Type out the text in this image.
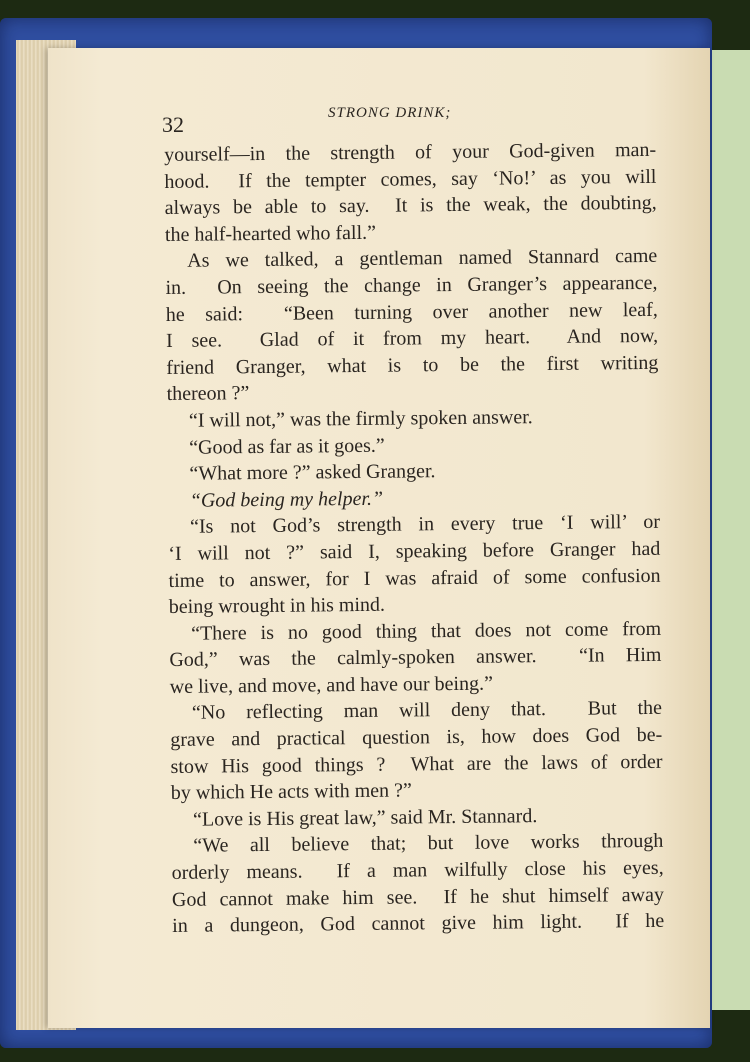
32	STRONG DRINK;
yourself—in the strength of your God-given man-
hood.  If the tempter comes, say ‘No!’ as you will
always be able to say.  It is the weak, the doubting,
the half-hearted who fall.”
As we talked, a gentleman named Stannard came
in.  On seeing the change in Granger’s appearance,
he said:  “Been turning over another new leaf,
I see.  Glad of it from my heart.  And now,
friend Granger, what is to be the first writing
thereon ?”
“I will not,” was the firmly spoken answer.
“Good as far as it goes.”
“What more ?” asked Granger.
“God being my helper.”
“Is not God’s strength in every true ‘I will’ or
‘I will not ?” said I, speaking before Granger had
time to answer, for I was afraid of some confusion
being wrought in his mind.
“There is no good thing that does not come from
God,” was the calmly-spoken answer.  “In Him
we live, and move, and have our being.”
“No reflecting man will deny that.  But the
grave and practical question is, how does God be-
stow His good things ?  What are the laws of order
by which He acts with men ?”
“Love is His great law,” said Mr. Stannard.
“We all believe that; but love works through
orderly means.  If a man wilfully close his eyes,
God cannot make him see.  If he shut himself away
in a dungeon, God cannot give him light.  If he
